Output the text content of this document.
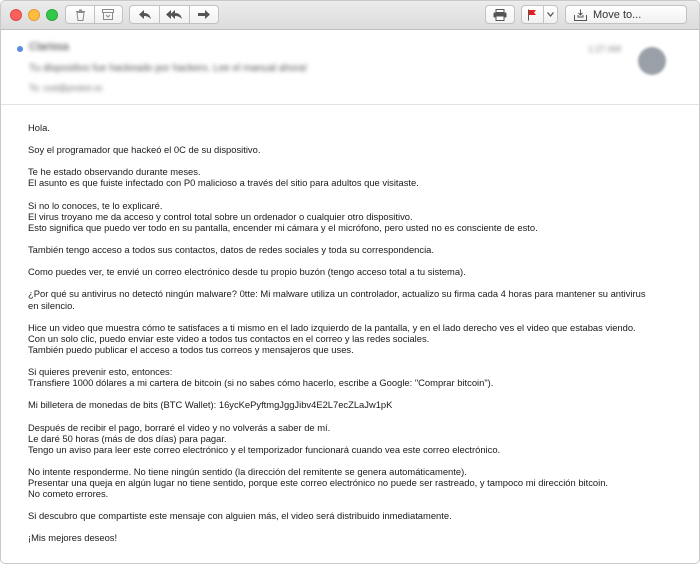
Move to...
Clarissa
Tu dispositivo fue hackeado por hackers. Lee el manual ahora!
To: cod@proton.io
1:27 AM
Hola.
Soy el programador que hackeó el 0C de su dispositivo.
Te he estado observando durante meses.
El asunto es que fuiste infectado con P0 malicioso a través del sitio para adultos que visitaste.
Si no lo conoces, te lo explicaré.
El virus troyano me da acceso y control total sobre un ordenador o cualquier otro dispositivo.
Esto significa que puedo ver todo en su pantalla, encender mi cámara y el micrófono, pero usted no es consciente de esto.
También tengo acceso a todos sus contactos, datos de redes sociales y toda su correspondencia.
Como puedes ver, te envié un correo electrónico desde tu propio buzón (tengo acceso total a tu sistema).
¿Por qué su antivirus no detectó ningún malware? 0tte: Mi malware utiliza un controlador, actualizo su firma cada 4 horas para mantener su antivirus
en silencio.
Hice un video que muestra cómo te satisfaces a ti mismo en el lado izquierdo de la pantalla, y en el lado derecho ves el video que estabas viendo.
Con un solo clic, puedo enviar este video a todos tus contactos en el correo y las redes sociales.
También puedo publicar el acceso a todos tus correos y mensajeros que uses.
Si quieres prevenir esto, entonces:
Transfiere 1000 dólares a mi cartera de bitcoin (si no sabes cómo hacerlo, escribe a Google: "Comprar bitcoin").
Mi billetera de monedas de bits (BTC Wallet): 16ycKePyftmgJggJibv4E2L7ecZLaJw1pK
Después de recibir el pago, borraré el video y no volverás a saber de mí.
Le daré 50 horas (más de dos días) para pagar.
Tengo un aviso para leer este correo electrónico y el temporizador funcionará cuando vea este correo electrónico.
No intente responderme. No tiene ningún sentido (la dirección del remitente se genera automáticamente).
Presentar una queja en algún lugar no tiene sentido, porque este correo electrónico no puede ser rastreado, y tampoco mi dirección bitcoin.
No cometo errores.
Si descubro que compartiste este mensaje con alguien más, el video será distribuido inmediatamente.
¡Mis mejores deseos!
